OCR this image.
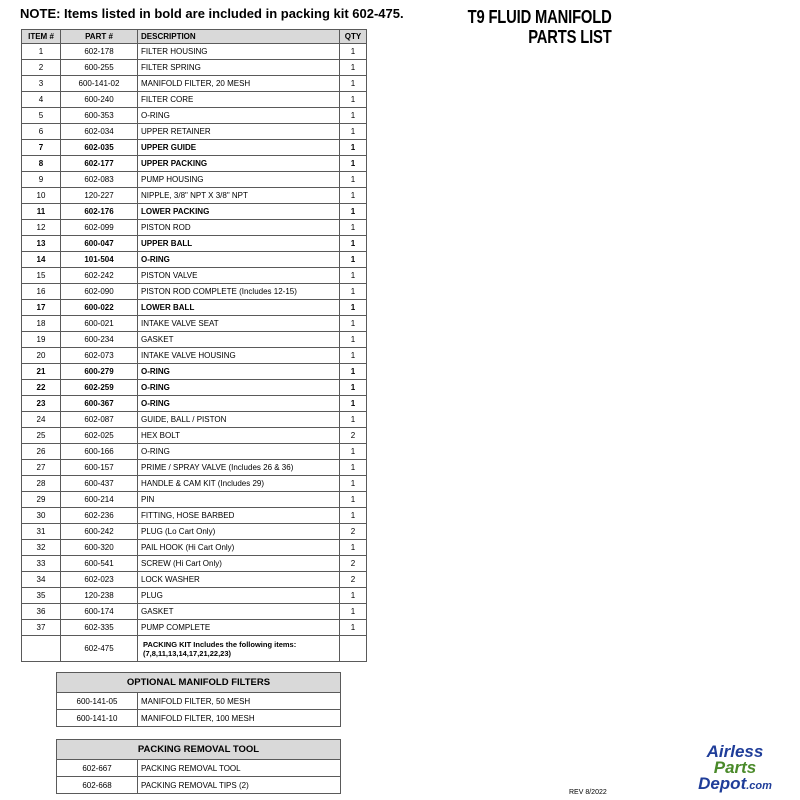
NOTE: Items listed in bold are included in packing kit 602-475.	T9 FLUID MANIFOLD
PARTS LIST
ITEM #	PART #	DESCRIPTION	QTY
1	602-178	FILTER HOUSING	1
2	600-255	FILTER SPRING	1
3	600-141-02	MANIFOLD FILTER, 20 MESH	1
4	600-240	FILTER CORE	1
5	600-353	O-RING	1
6	602-034	UPPER RETAINER	1
7	602-035	UPPER GUIDE	1
8	602-177	UPPER PACKING	1
9	602-083	PUMP HOUSING	1
10	120-227	NIPPLE, 3/8" NPT X 3/8" NPT	1
11	602-176	LOWER PACKING	1
12	602-099	PISTON ROD	1
13	600-047	UPPER BALL	1
14	101-504	O-RING	1
15	602-242	PISTON VALVE	1
16	602-090	PISTON ROD COMPLETE (Includes 12-15)	1
17	600-022	LOWER BALL	1
18	600-021	INTAKE VALVE SEAT	1
19	600-234	GASKET	1
20	602-073	INTAKE VALVE HOUSING	1
21	600-279	O-RING	1
22	602-259	O-RING	1
23	600-367	O-RING	1
24	602-087	GUIDE, BALL / PISTON	1
25	602-025	HEX BOLT	2
26	600-166	O-RING	1
27	600-157	PRIME / SPRAY VALVE (Includes 26 & 36)	1
28	600-437	HANDLE & CAM KIT (Includes 29)	1
29	600-214	PIN	1
30	602-236	FITTING, HOSE BARBED	1
31	600-242	PLUG (Lo Cart Only)	2
32	600-320	PAIL HOOK (Hi Cart Only)	1
33	600-541	SCREW (Hi Cart Only)	2
34	602-023	LOCK WASHER	2
35	120-238	PLUG	1
36	600-174	GASKET	1
37	602-335	PUMP COMPLETE	1
	602-475	PACKING KIT Includes the following items: (7,8,11,13,14,17,21,22,23)	
OPTIONAL MANIFOLD FILTERS	
600-141-05	MANIFOLD FILTER, 50 MESH
600-141-10	MANIFOLD FILTER, 100 MESH
PACKING REMOVAL TOOL	
602-667	PACKING REMOVAL TOOL
602-668	PACKING REMOVAL TIPS (2)
Airless
Parts
Depot.com
REV 8/2022
